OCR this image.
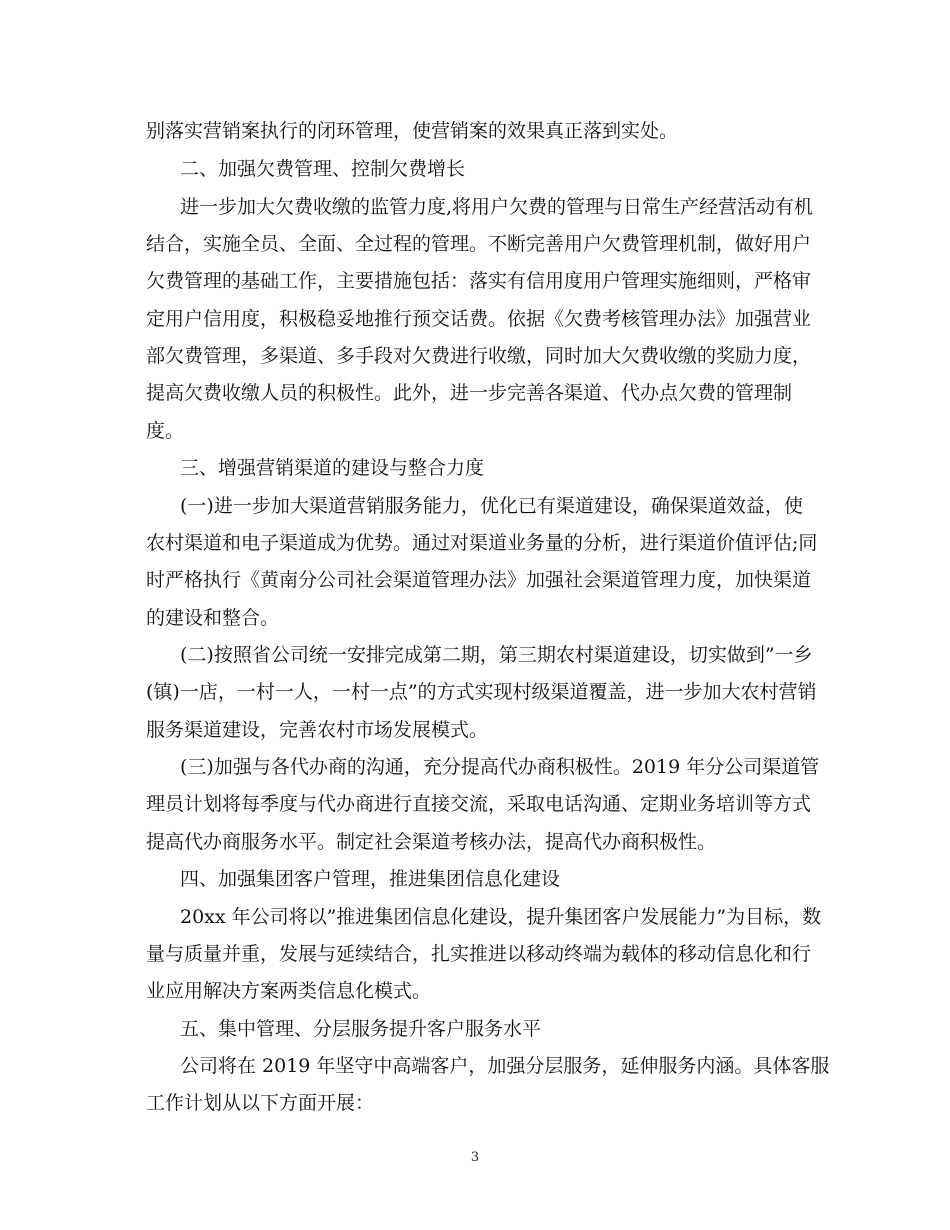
别落实营销案执行的闭环管理，使营销案的效果真正落到实处。
二、加强欠费管理、控制欠费增长
进一步加大欠费收缴的监管力度,将用户欠费的管理与日常生产经营活动有机
结合，实施全员、全面、全过程的管理。不断完善用户欠费管理机制，做好用户
欠费管理的基础工作，主要措施包括：落实有信用度用户管理实施细则，严格审
定用户信用度，积极稳妥地推行预交话费。依据《欠费考核管理办法》加强营业
部欠费管理，多渠道、多手段对欠费进行收缴，同时加大欠费收缴的奖励力度，
提高欠费收缴人员的积极性。此外，进一步完善各渠道、代办点欠费的管理制
度。
三、增强营销渠道的建设与整合力度
(一)进一步加大渠道营销服务能力，优化已有渠道建设，确保渠道效益，使
农村渠道和电子渠道成为优势。通过对渠道业务量的分析，进行渠道价值评估;同
时严格执行《黄南分公司社会渠道管理办法》加强社会渠道管理力度，加快渠道
的建设和整合。
(二)按照省公司统一安排完成第二期，第三期农村渠道建设，切实做到”一乡
(镇)一店，一村一人，一村一点”的方式实现村级渠道覆盖，进一步加大农村营销
服务渠道建设，完善农村市场发展模式。
(三)加强与各代办商的沟通，充分提高代办商积极性。2019 年分公司渠道管
理员计划将每季度与代办商进行直接交流，采取电话沟通、定期业务培训等方式
提高代办商服务水平。制定社会渠道考核办法，提高代办商积极性。
四、加强集团客户管理，推进集团信息化建设
20xx 年公司将以”推进集团信息化建设，提升集团客户发展能力”为目标，数
量与质量并重，发展与延续结合，扎实推进以移动终端为载体的移动信息化和行
业应用解决方案两类信息化模式。
五、集中管理、分层服务提升客户服务水平
公司将在 2019 年坚守中高端客户，加强分层服务，延伸服务内涵。具体客服
工作计划从以下方面开展：
3
